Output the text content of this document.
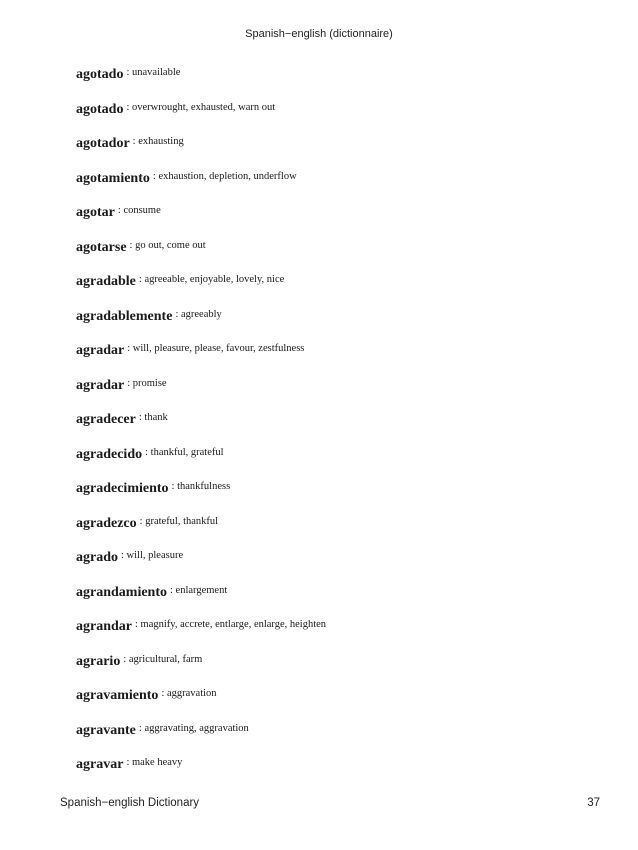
Spanish−english (dictionnaire)
agotado : unavailable
agotado : overwrought, exhausted, warn out
agotador : exhausting
agotamiento : exhaustion, depletion, underflow
agotar : consume
agotarse : go out, come out
agradable : agreeable, enjoyable, lovely, nice
agradablemente : agreeably
agradar : will, pleasure, please, favour, zestfulness
agradar : promise
agradecer : thank
agradecido : thankful, grateful
agradecimiento : thankfulness
agradezco : grateful, thankful
agrado : will, pleasure
agrandamiento : enlargement
agrandar : magnify, accrete, entlarge, enlarge, heighten
agrario : agricultural, farm
agravamiento : aggravation
agravante : aggravating, aggravation
agravar : make heavy
Spanish−english Dictionary	37
